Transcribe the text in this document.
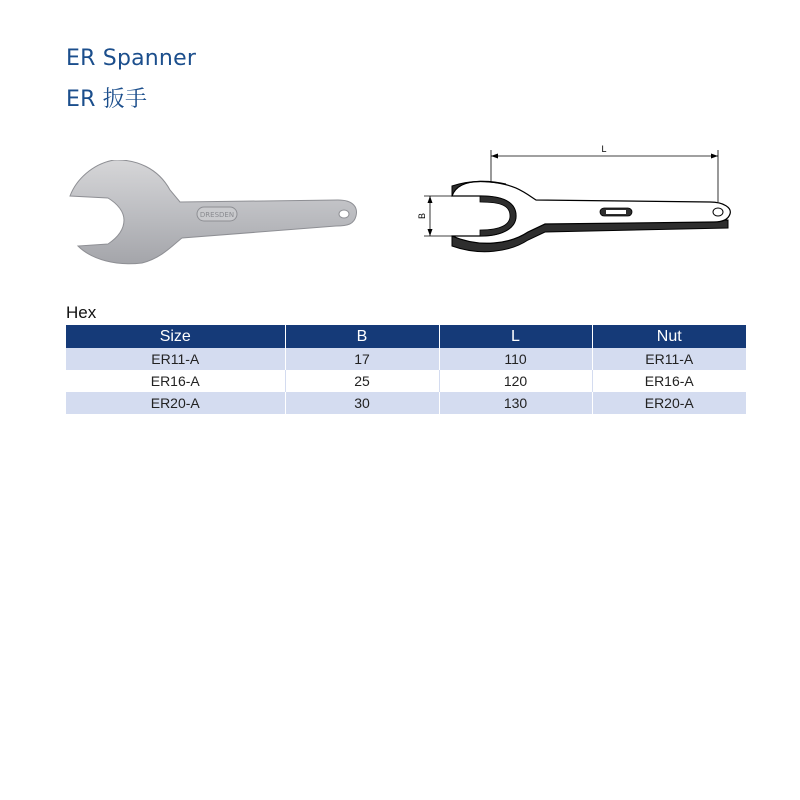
ER Spanner
ER 扳手
DRESDEN
L
B
Hex
Size	B	L	Nut
ER11-A	17	110	ER11-A
ER16-A	25	120	ER16-A
ER20-A	30	130	ER20-A
